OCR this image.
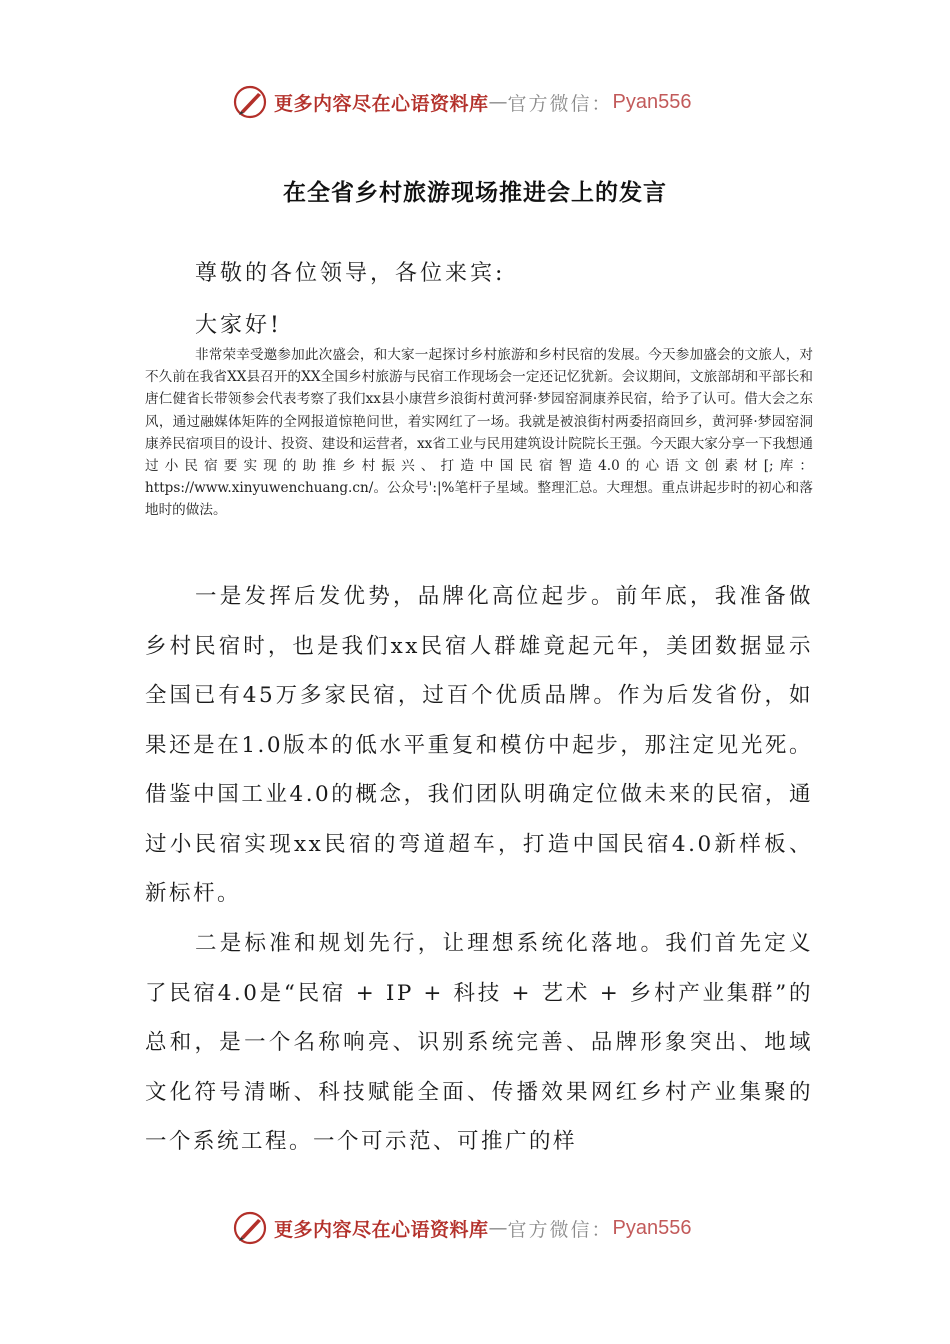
更多内容尽在心语资料库 — 官方微信： Pyan556
在全省乡村旅游现场推进会上的发言
尊敬的各位领导，各位来宾:
大家好!
非常荣幸受邀参加此次盛会，和大家一起探讨乡村旅游和乡村民宿的发展。今天参加盛会的文旅人，对不久前在我省XX县召开的XX全国乡村旅游与民宿工作现场会一定还记忆犹新。会议期间，文旅部胡和平部长和唐仁健省长带领参会代表考察了我们xx县小康营乡浪街村黄河驿·梦园窑洞康养民宿，给予了认可。借大会之东风，通过融媒体矩阵的全网报道惊艳问世，着实网红了一场。我就是被浪街村两委招商回乡，黄河驿·梦园窑洞康养民宿项目的设计、投资、建设和运营者，xx省工业与民用建筑设计院院长王强。今天跟大家分享一下我想通过小民宿要实现的助推乡村振兴、打造中国民宿智造4.0的心语文创素材[;库：https://www.xinyuwenchuang.cn/。公众号':|%笔杆子星域。整理汇总。大理想。重点讲起步时的初心和落地时的做法。
一是发挥后发优势，品牌化高位起步。前年底，我准备做乡村民宿时，也是我们xx民宿人群雄竟起元年，美团数据显示全国已有45万多家民宿，过百个优质品牌。作为后发省份，如果还是在1.0版本的低水平重复和模仿中起步，那注定见光死。借鉴中国工业4.0的概念，我们团队明确定位做未来的民宿，通过小民宿实现xx民宿的弯道超车，打造中国民宿4.0新样板、新标杆。
二是标准和规划先行，让理想系统化落地。我们首先定义了民宿4.0是“民宿 + IP + 科技 + 艺术 + 乡村产业集群”的总和，是一个名称响亮、识别系统完善、品牌形象突出、地域文化符号清晰、科技赋能全面、传播效果网红乡村产业集聚的一个系统工程。一个可示范、可推广的样
更多内容尽在心语资料库 — 官方微信： Pyan556
